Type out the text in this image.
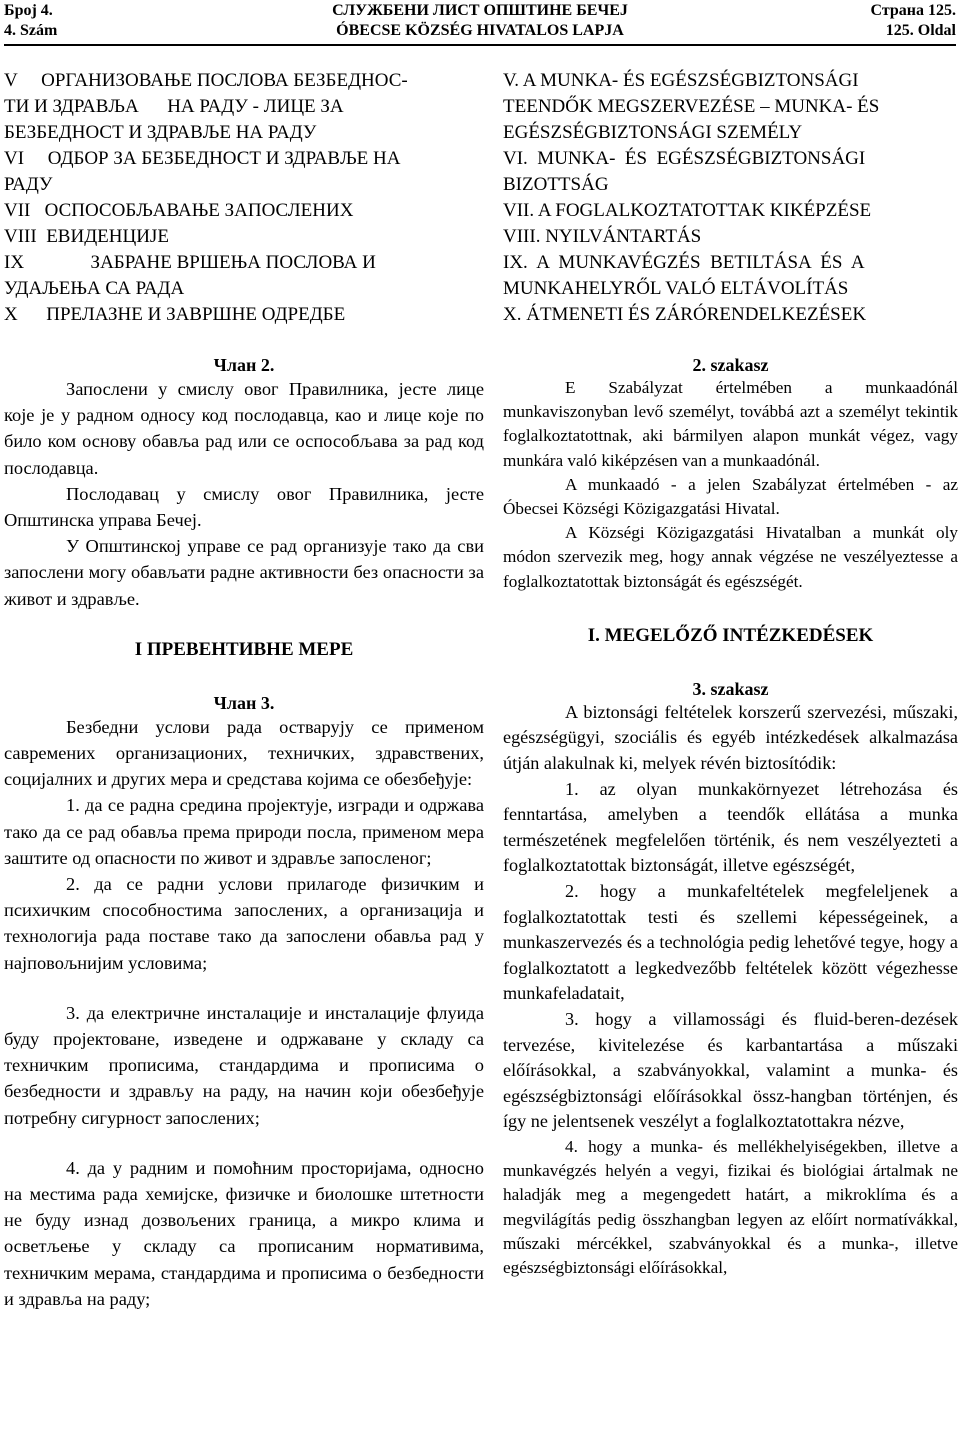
Број 4.
4. Szám
СЛУЖБЕНИ ЛИСТ ОПШТИНЕ БЕЧЕЈ
ÓBECSE KÖZSÉG HIVATALOS LAPJA
Страна 125.
125. Oldal
V     ОРГАНИЗОВАЊЕ ПОСЛОВА БЕЗБЕДНОС-
ТИ И ЗДРАВЉА      НА РАДУ - ЛИЦЕ ЗА
БЕЗБЕДНОСТ И ЗДРАВЉЕ НА РАДУ
VI     ОДБОР ЗА БЕЗБЕДНОСТ И ЗДРАВЉЕ НА
РАДУ
VII   ОСПОСОБЉАВАЊЕ ЗАПОСЛЕНИХ
VIII  ЕВИДЕНЦИЈЕ
IX              ЗАБРАНЕ ВРШЕЊА ПОСЛОВА И
УДАЉЕЊА СА РАДА
X      ПРЕЛАЗНЕ И ЗАВРШНЕ ОДРЕДБЕ
Члан 2.

Запослени у смислу овог Правилника, јесте лице које је у радном односу код послодавца, као и лице које по било ком основу обавља рад или се оспособљава за рад код послодавца.

Послодавац у смислу овог Правилника, јесте Општинска управа Бечеј.

У Општинској управе се рад организује тако да сви запослени могу обављати радне активности без опасности за живот и здравље.

I ПРЕВЕНТИВНЕ МЕРЕ
Члан 3.

Безбедни услови рада остварују се применом савремених организационих, техничких, здравствених, социјалних и других мера и средстава којима се обезбеђује:

1. да се радна средина пројектује, изгради и одржава тако да се рад обавља према природи посла, применом мера заштите од опасности по живот и здравље запосленог;

2. да се радни услови прилагоде физичким и психичким способностима запослених, а организација и технологија рада поставе тако да запослени обавља рад у најповољнијим условима;

3. да електричне инсталације и инсталације флуида буду пројектоване, изведене и одржаване у складу са техничким прописима, стандардима и прописима о безбедности и здрављу на раду, на начин који обезбеђује потребну сигурност запослених;

4. да у радним и помоћним просторијама, односно на местима рада хемијске, физичке и биолошке штетности не буду изнад дозвољених граница, а микро клима и осветљење у складу са прописаним нормативима, техничким мерама, стандардима и прописима о безбедности и здравља на раду;

V. A MUNKA- ÉS EGÉSZSÉGBIZTONSÁGI
TEENDŐK MEGSZERVEZÉSE – MUNKA- ÉS
EGÉSZSÉGBIZTONSÁGI SZEMÉLY
VI.  MUNKA-  ÉS  EGÉSZSÉGBIZTONSÁGI
BIZOTTSÁG
VII. A FOGLALKOZTATOTTAK KIKÉPZÉSE
VIII. NYILVÁNTARTÁS
IX.  A  MUNKAVÉGZÉS  BETILTÁSA  ÉS  A
MUNKAHELYRŐL VALÓ ELTÁVOLÍTÁS
X. ÁTMENETI ÉS ZÁRÓRENDELKEZÉSEK
2. szakasz

E Szabályzat értelmében a munkaadónál munkaviszonyban levő személyt, továbbá azt a személyt tekintik foglalkoztatottnak, aki bármilyen alapon munkát végez, vagy munkára való kiképzésen van a munkaadónál.

A munkaadó - a jelen Szabályzat értelmében - az Óbecsei Községi Közigazgatási Hivatal.

A Községi Közigazgatási Hivatalban a munkát oly módon szervezik meg, hogy annak végzése ne veszélyeztesse a foglalkoztatottak biztonságát és egészségét.

I. MEGELŐZŐ INTÉZKEDÉSEK
3. szakasz

A biztonsági feltételek korszerű szervezési, műszaki, egészségügyi, szociális és egyéb intézkedések alkalmazása útján alakulnak ki, melyek révén biztosítódik:

1. az olyan munkakörnyezet létrehozása és fenntartása, amelyben a teendők ellátása a munka természetének megfelelően történik, és nem veszélyezteti a foglalkoztatottak biztonságát, illetve egészségét,

2. hogy a munkafeltételek megfeleljenek a foglalkoztatottak testi és szellemi képességeinek, a munkaszervezés és a technológia pedig lehetővé tegye, hogy a foglalkoztatott a legkedvezőbb feltételek között végezhesse munkafeladatait,

3. hogy a villamossági és fluid-beren-dezések tervezése, kivitelezése és karbantartása a műszaki előírásokkal, a szabványokkal, valamint a munka- és egészségbiztonsági előírásokkal össz-hangban történjen, és így ne jelentsenek veszélyt a foglalkoztatottakra nézve,

4. hogy a munka- és mellékhelyiségekben, illetve a munkavégzés helyén a vegyi, fizikai és biológiai ártalmak ne haladják meg a megengedett határt, a mikroklíma és a megvilágítás pedig összhangban legyen az előírt normatívákkal, műszaki mércékkel, szabványokkal és a munka-, illetve egészségbiztonsági előírásokkal,
